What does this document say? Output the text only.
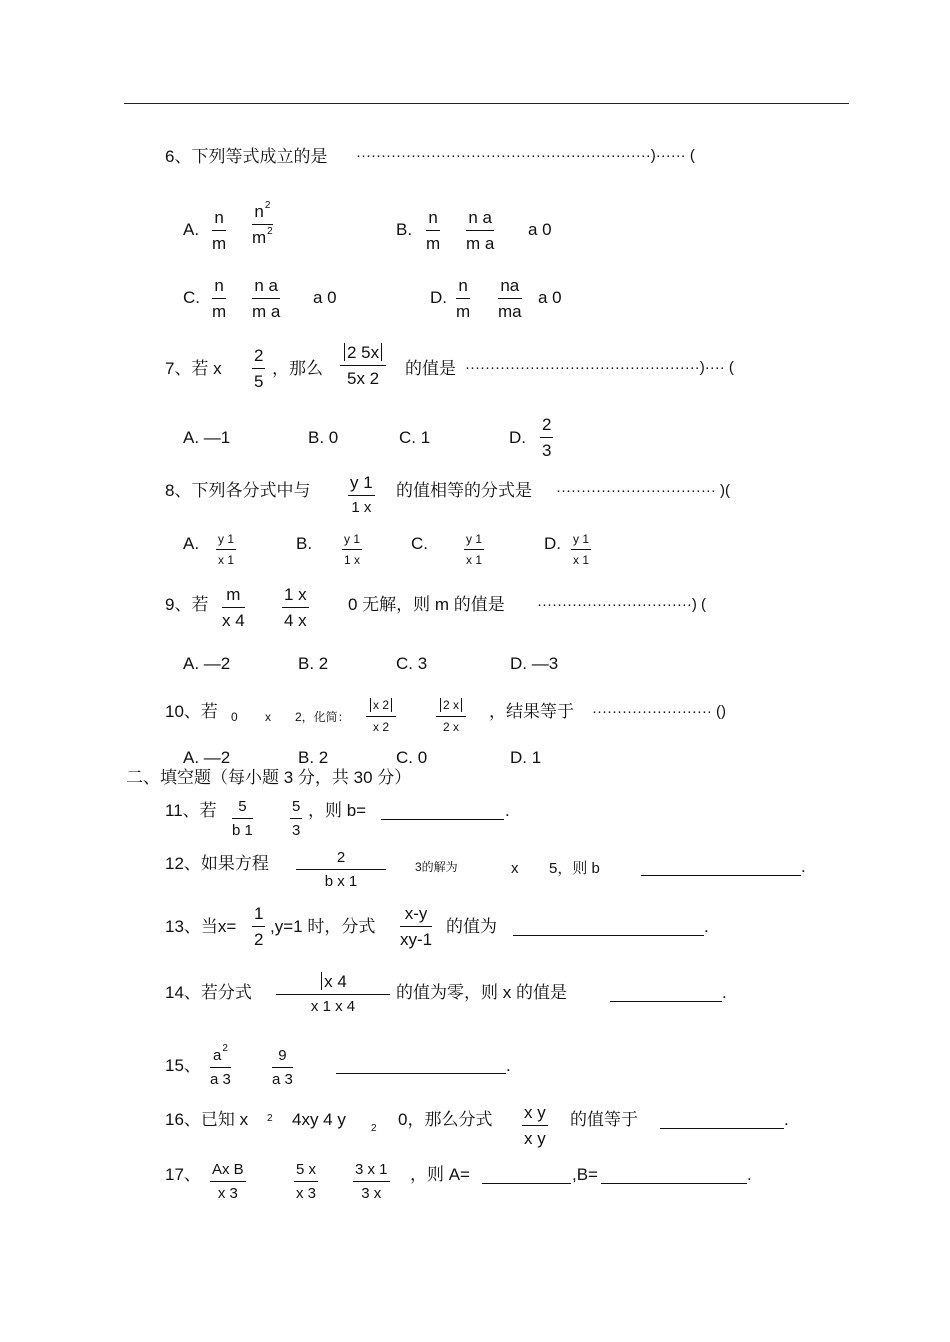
6、下列等式成立的是 ···························································)······ (
A. $\frac{n}{m} \frac{n^2}{m^2}$	B. $\frac{n}{m} \frac{\text{n a}}{\text{m a}}$ a 0
C. $\frac{n}{m} \frac{\text{n a}}{\text{m a}}$ a 0	D. $\frac{n}{m} \frac{na}{ma}$ a 0
7、若 x $\frac{2}{5}$ ，那么 $\frac{2 5x}{5x 2}$ 的值是 ···············································)···· (
A. —1	B. 0	C. 1	D. $\frac{2}{3}$
8、下列各分式中与 $\frac{y 1}{1 x}$ 的值相等的分式是 ································ )(
A. $\frac{y 1}{x 1}$	B. $\frac{y 1}{1 x}$	C.	$\frac{y 1}{x 1}$	D. $\frac{y 1}{x 1}$
9、若 $\frac{m}{x 4} \frac{1 x}{4 x} 0$ 无解，则 m 的值是 ·······························) (
A. —2	B. 2	C. 3	D. —3
10、若 0 x 2，化简： $\frac{x 2}{x 2}$	$\frac{2 x}{2 x}$ ，结果等于 ························ ()
A. —2	B. 2	C. 0	D. 1
二、填空题（每小题 3 分，共 30 分）
11、若 $\frac{5}{b 1} \frac{5}{3}$ ，则 b=	.
12、如果方程 $\frac{2}{\text{b x 1}} 3$的解为	x 5，则 b	.
13、当$x= \frac{1}{2} ,y=1$ 时，分式 $\frac{x-y}{xy-1}$ 的值为	.
14、若分式 $\frac{x 4}{x 1 x 4}$ 的值为零，则 x 的值是	.
15、 $\frac{a^2}{a 3}$	$\frac{9}{a 3}$	.
16、已知 x 2	4xy 4 y	2	0，那么分式 $\frac{\text{x y}}{\text{x y}}$ 的值等于	.
17、 $\frac{\text{Ax B}}{x 3}$	$\frac{5 x}{x 3} \frac{3 x 1}{3 x}$ ，则 A=	,B=	.
